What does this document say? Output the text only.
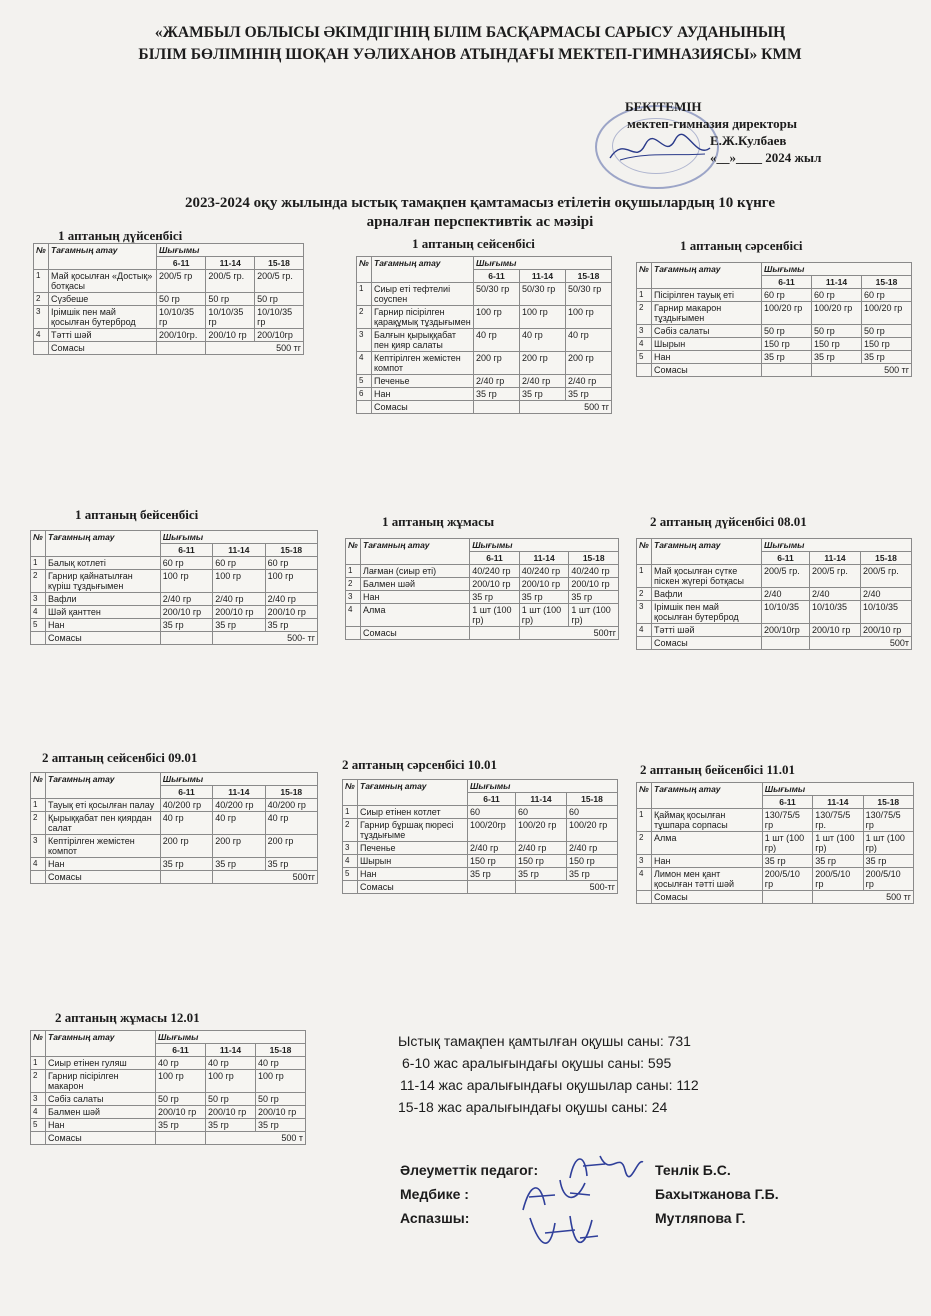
«ЖАМБЫЛ ОБЛЫСЫ ӘКІМДІГІНІҢ БІЛІМ БАСҚАРМАСЫ САРЫСУ АУДАНЫНЫҢ
БІЛІМ БӨЛІМІНІҢ ШОҚАН УӘЛИХАНОВ АТЫНДАҒЫ МЕКТЕП-ГИМНАЗИЯСЫ» КММ
БЕКІТЕМІН
мектеп-гимназия директоры
Е.Ж.Кулбаев
«__»____ 2024 жыл
2023-2024 оқу жылында ыстық тамақпен қамтамасыз етілетін оқушылардың 10 күнге
арналған перспективтік ас мәзірі
1 аптаның дүйсенбісі
1 аптаның сейсенбісі	1 аптаның сәрсенбісі
1 аптаның бейсенбісі	1 аптаның жұмасы	2 аптаның дүйсенбісі 08.01
2 аптаның сейсенбісі 09.01	2 аптаның сәрсенбісі 10.01	2 аптаның бейсенбісі 11.01
2 аптаның жұмасы 12.01
№	Тағамның атау	Шығымы		
		6-11	11-14	15-18
1	Май қосылған «Достық» ботқасы	200/5 гр	200/5 гр.	200/5 гр.
2	Сүзбеше	50 гр	50 гр	50 гр
3	Ірімшік пен май қосылған бутерброд	10/10/35 гр	10/10/35 гр	10/10/35 гр
4	Тәтті шәй	200/10гр.	200/10 гр	200/10гр
	Сомасы		500 тг	
№	Тағамның атау	Шығымы		
		6-11	11-14	15-18
1	Сиыр еті тефтелиі соуспен	50/30 гр	50/30 гр	50/30 гр
2	Гарнир пісірілген қарақұмық тұздығымен	100 гр	100 гр	100 гр
3	Балғын қырыққабат пен қияр салаты	40 гр	40 гр	40 гр
4	Кептірілген жемістен компот	200 гр	200 гр	200 гр
5	Печенье	2/40 гр	2/40 гр	2/40 гр
6	Нан	35 гр	35 гр	35 гр
	Сомасы		500 тг	
№	Тағамның атау	Шығымы		
		6-11	11-14	15-18
1	Пісірілген тауық еті	60 гр	60 гр	60 гр
2	Гарнир макарон тұздығымен	100/20 гр	100/20 гр	100/20 гр
3	Сәбіз салаты	50 гр	50 гр	50 гр
4	Шырын	150 гр	150 гр	150 гр
5	Нан	35 гр	35 гр	35 гр
	Сомасы		500 тг	
№	Тағамның атау	Шығымы		
		6-11	11-14	15-18
1	Балық котлеті	60 гр	60 гр	60 гр
2	Гарнир қайнатылған күріш тұздығымен	100 гр	100 гр	100 гр
3	Вафли	2/40 гр	2/40 гр	2/40 гр
4	Шәй қанттен	200/10 гр	200/10 гр	200/10 гр
5	Нан	35 гр	35 гр	35 гр
	Сомасы		500- тг	
№	Тағамның атау	Шығымы		
		6-11	11-14	15-18
1	Лағман (сиыр еті)	40/240 гр	40/240 гр	40/240 гр
2	Балмен шәй	200/10 гр	200/10 гр	200/10 гр
3	Нан	35 гр	35 гр	35 гр
4	Алма	1 шт (100 гр)	1 шт (100 гр)	1 шт (100 гр)
	Сомасы		500тг	
№	Тағамның атау	Шығымы		
		6-11	11-14	15-18
1	Май қосылған сүтке піскен жүгері ботқасы	200/5 гр.	200/5 гр.	200/5 гр.
2	Вафли	2/40	2/40	2/40
3	Ірімшік пен май қосылған бутерброд	10/10/35	10/10/35	10/10/35
4	Тәтті шәй	200/10гр	200/10 гр	200/10 гр
	Сомасы		500т	
№	Тағамның атау	Шығымы		
		6-11	11-14	15-18
1	Тауық еті қосылған палау	40/200 гр	40/200 гр	40/200 гр
2	Қырыққабат пен қиярдан салат	40 гр	40 гр	40 гр
3	Кептірілген жемістен компот	200 гр	200 гр	200 гр
4	Нан	35 гр	35 гр	35 гр
	Сомасы		500тг	
№	Тағамның атау	Шығымы		
		6-11	11-14	15-18
1	Сиыр етінен котлет	60	60	60
2	Гарнир бұршақ пюресі тұздығыме	100/20гр	100/20 гр	100/20 гр
3	Печенье	2/40 гр	2/40 гр	2/40 гр
4	Шырын	150 гр	150 гр	150 гр
5	Нан	35 гр	35 гр	35 гр
	Сомасы		500-тг	
№	Тағамның атау	Шығымы		
		6-11	11-14	15-18
1	Қаймақ қосылған тұшпара сорпасы	130/75/5 гр	130/75/5 гр.	130/75/5 гр
2	Алма	1 шт (100 гр)	1 шт (100 гр)	1 шт (100 гр)
3	Нан	35 гр	35 гр	35 гр
4	Лимон мен қант қосылған тәтті шәй	200/5/10 гр	200/5/10 гр	200/5/10 гр
	Сомасы		500 тг	
№	Тағамның атау	Шығымы		
		6-11	11-14	15-18
1	Сиыр етінен гуляш	40 гр	40 гр	40 гр
2	Гарнир пісірілген макарон	100 гр	100 гр	100 гр
3	Сәбіз салаты	50 гр	50 гр	50 гр
4	Балмен шәй	200/10 гр	200/10 гр	200/10 гр
5	Нан	35 гр	35 гр	35 гр
	Сомасы		500 т	
Ыстық тамақпен қамтылған оқушы саны: 731
6-10 жас аралығындағы оқушы саны: 595
11-14 жас аралығындағы оқушылар саны: 112
15-18 жас аралығындағы оқушы саны: 24
Әлеуметтік педагог:	Тенлік Б.С.
Медбике :	Бахытжанова Г.Б.
Аспазшы:	Мутляпова Г.
